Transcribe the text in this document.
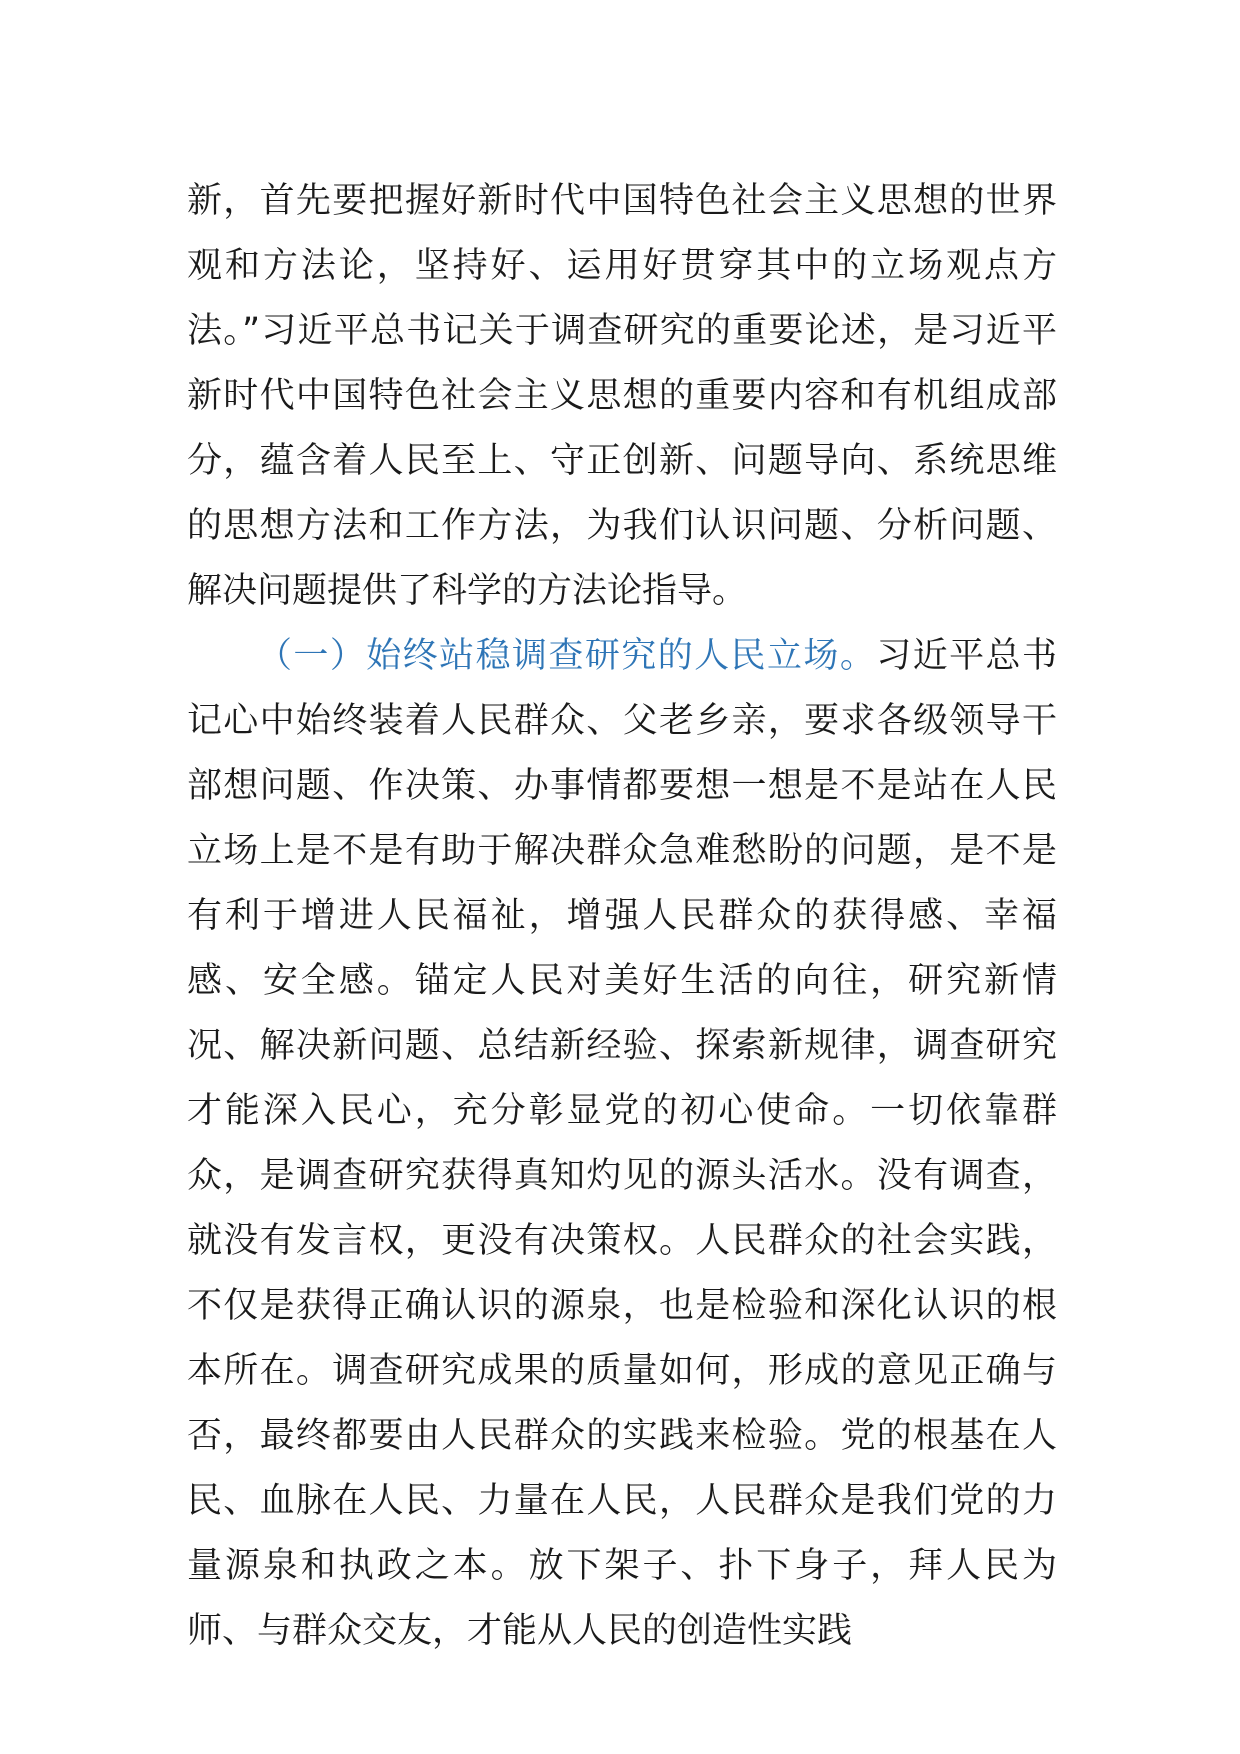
新，首先要把握好新时代中国特色社会主义思想的世界观和方法论，坚持好、运用好贯穿其中的立场观点方法。”习近平总书记关于调查研究的重要论述，是习近平新时代中国特色社会主义思想的重要内容和有机组成部分，蕴含着人民至上、守正创新、问题导向、系统思维的思想方法和工作方法，为我们认识问题、分析问题、解决问题提供了科学的方法论指导。

（一）始终站稳调查研究的人民立场。习近平总书记心中始终装着人民群众、父老乡亲，要求各级领导干部想问题、作决策、办事情都要想一想是不是站在人民立场上是不是有助于解决群众急难愁盼的问题，是不是有利于增进人民福祉，增强人民群众的获得感、幸福感、安全感。锚定人民对美好生活的向往，研究新情况、解决新问题、总结新经验、探索新规律，调查研究才能深入民心，充分彰显党的初心使命。一切依靠群众，是调查研究获得真知灼见的源头活水。没有调查，就没有发言权，更没有决策权。人民群众的社会实践，不仅是获得正确认识的源泉，也是检验和深化认识的根本所在。调查研究成果的质量如何，形成的意见正确与否，最终都要由人民群众的实践来检验。党的根基在人民、血脉在人民、力量在人民，人民群众是我们党的力量源泉和执政之本。放下架子、扑下身子，拜人民为师、与群众交友，才能从人民的创造性实践
